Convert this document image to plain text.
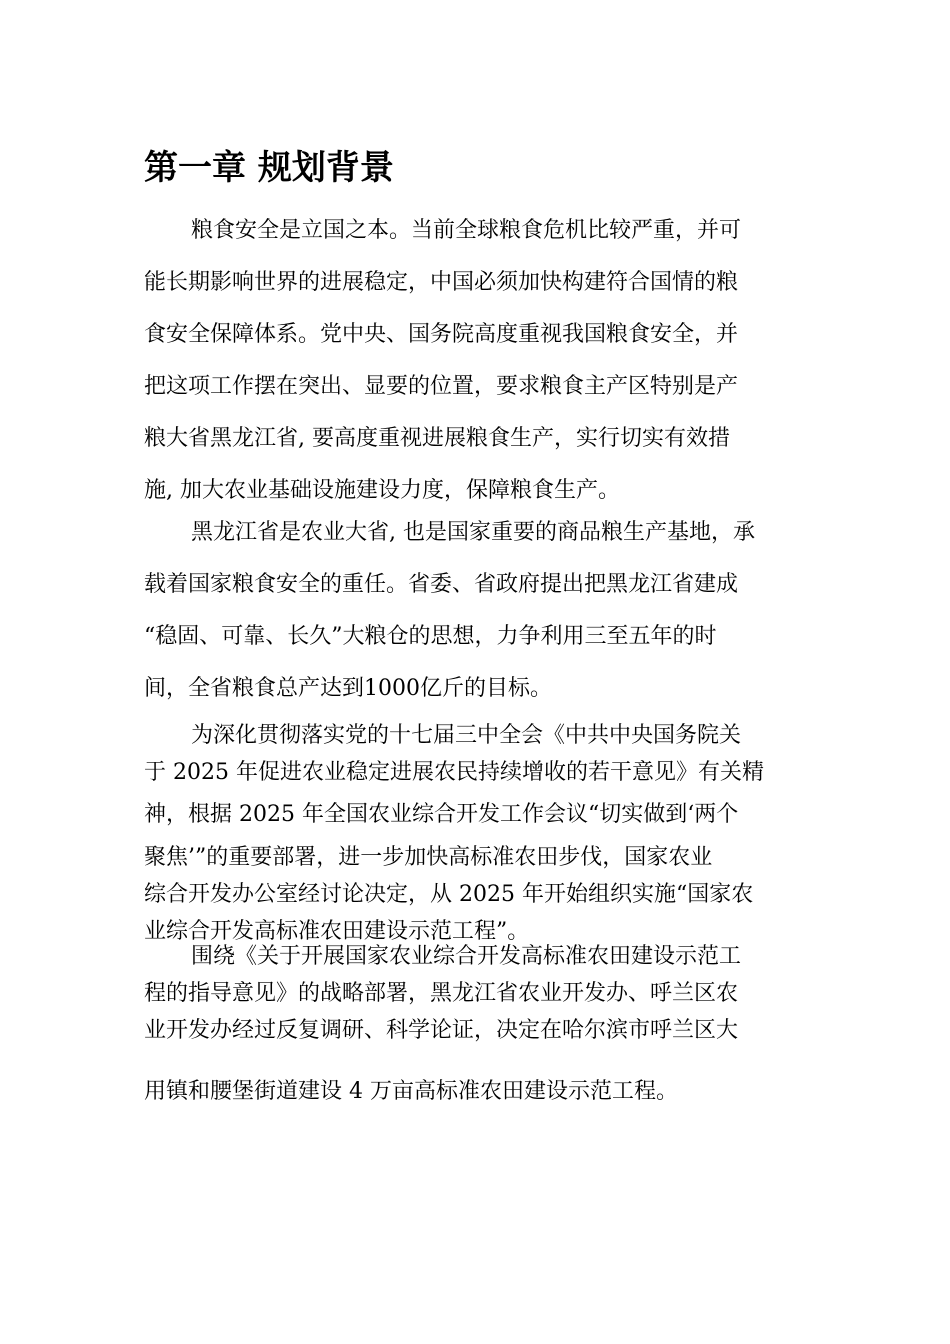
第一章 规划背景
粮食安全是立国之本。当前全球粮食危机比较严重，并可
能长期影响世界的进展稳定，中国必须加快构建符合国情的粮
食安全保障体系。党中央、国务院高度重视我国粮食安全，并
把这项工作摆在突出、显要的位置，要求粮食主产区特别是产
粮大省黑龙江省, 要高度重视进展粮食生产，实行切实有效措
施, 加大农业基础设施建设力度，保障粮食生产。
黑龙江省是农业大省, 也是国家重要的商品粮生产基地，承
载着国家粮食安全的重任。省委、省政府提出把黑龙江省建成
“稳固、可靠、长久”大粮仓的思想，力争利用三至五年的时
间，全省粮食总产达到1000亿斤的目标。
为深化贯彻落实党的十七届三中全会《中共中央国务院关
于 2025 年促进农业稳定进展农民持续增收的若干意见》有关精
神，根据 2025 年全国农业综合开发工作会议“切实做到‘两个
聚焦’”的重要部署，进一步加快高标准农田步伐，国家农业
综合开发办公室经讨论决定，从 2025 年开始组织实施“国家农
业综合开发高标准农田建设示范工程”。
围绕《关于开展国家农业综合开发高标准农田建设示范工
程的指导意见》的战略部署，黑龙江省农业开发办、呼兰区农
业开发办经过反复调研、科学论证，决定在哈尔滨市呼兰区大
用镇和腰堡街道建设 4 万亩高标准农田建设示范工程。
